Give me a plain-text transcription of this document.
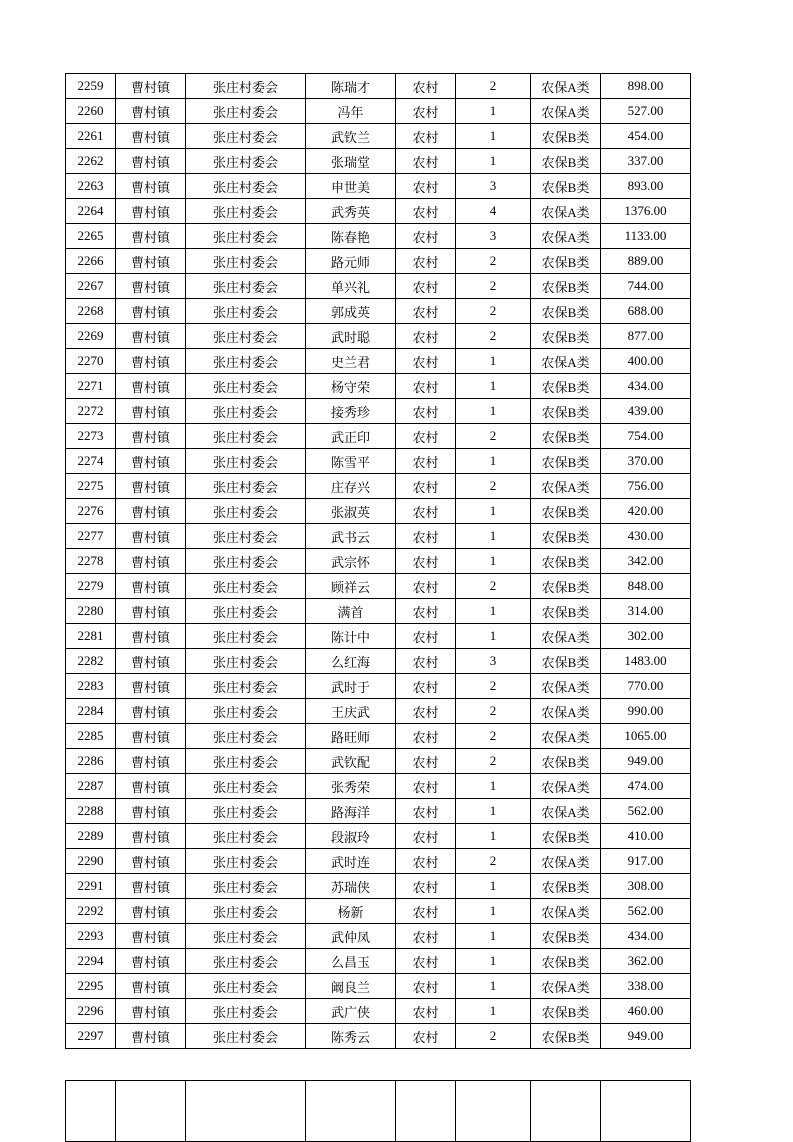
2259	曹村镇	张庄村委会	陈瑞才	农村	2	农保A类	898.00
2260	曹村镇	张庄村委会	冯年	农村	1	农保A类	527.00
2261	曹村镇	张庄村委会	武钦兰	农村	1	农保B类	454.00
2262	曹村镇	张庄村委会	张瑞堂	农村	1	农保B类	337.00
2263	曹村镇	张庄村委会	申世美	农村	3	农保B类	893.00
2264	曹村镇	张庄村委会	武秀英	农村	4	农保A类	1376.00
2265	曹村镇	张庄村委会	陈春艳	农村	3	农保A类	1133.00
2266	曹村镇	张庄村委会	路元师	农村	2	农保B类	889.00
2267	曹村镇	张庄村委会	单兴礼	农村	2	农保B类	744.00
2268	曹村镇	张庄村委会	郭成英	农村	2	农保B类	688.00
2269	曹村镇	张庄村委会	武时聪	农村	2	农保B类	877.00
2270	曹村镇	张庄村委会	史兰君	农村	1	农保A类	400.00
2271	曹村镇	张庄村委会	杨守荣	农村	1	农保B类	434.00
2272	曹村镇	张庄村委会	接秀珍	农村	1	农保B类	439.00
2273	曹村镇	张庄村委会	武正印	农村	2	农保B类	754.00
2274	曹村镇	张庄村委会	陈雪平	农村	1	农保B类	370.00
2275	曹村镇	张庄村委会	庄存兴	农村	2	农保A类	756.00
2276	曹村镇	张庄村委会	张淑英	农村	1	农保B类	420.00
2277	曹村镇	张庄村委会	武书云	农村	1	农保B类	430.00
2278	曹村镇	张庄村委会	武宗怀	农村	1	农保B类	342.00
2279	曹村镇	张庄村委会	顾祥云	农村	2	农保B类	848.00
2280	曹村镇	张庄村委会	满首	农村	1	农保B类	314.00
2281	曹村镇	张庄村委会	陈计中	农村	1	农保A类	302.00
2282	曹村镇	张庄村委会	么红海	农村	3	农保B类	1483.00
2283	曹村镇	张庄村委会	武时于	农村	2	农保A类	770.00
2284	曹村镇	张庄村委会	王庆武	农村	2	农保A类	990.00
2285	曹村镇	张庄村委会	路旺师	农村	2	农保A类	1065.00
2286	曹村镇	张庄村委会	武钦配	农村	2	农保B类	949.00
2287	曹村镇	张庄村委会	张秀荣	农村	1	农保A类	474.00
2288	曹村镇	张庄村委会	路海洋	农村	1	农保A类	562.00
2289	曹村镇	张庄村委会	段淑玲	农村	1	农保B类	410.00
2290	曹村镇	张庄村委会	武时连	农村	2	农保A类	917.00
2291	曹村镇	张庄村委会	苏瑞侠	农村	1	农保B类	308.00
2292	曹村镇	张庄村委会	杨新	农村	1	农保A类	562.00
2293	曹村镇	张庄村委会	武仲凤	农村	1	农保B类	434.00
2294	曹村镇	张庄村委会	么昌玉	农村	1	农保B类	362.00
2295	曹村镇	张庄村委会	阚良兰	农村	1	农保A类	338.00
2296	曹村镇	张庄村委会	武广侠	农村	1	农保B类	460.00
2297	曹村镇	张庄村委会	陈秀云	农村	2	农保B类	949.00
